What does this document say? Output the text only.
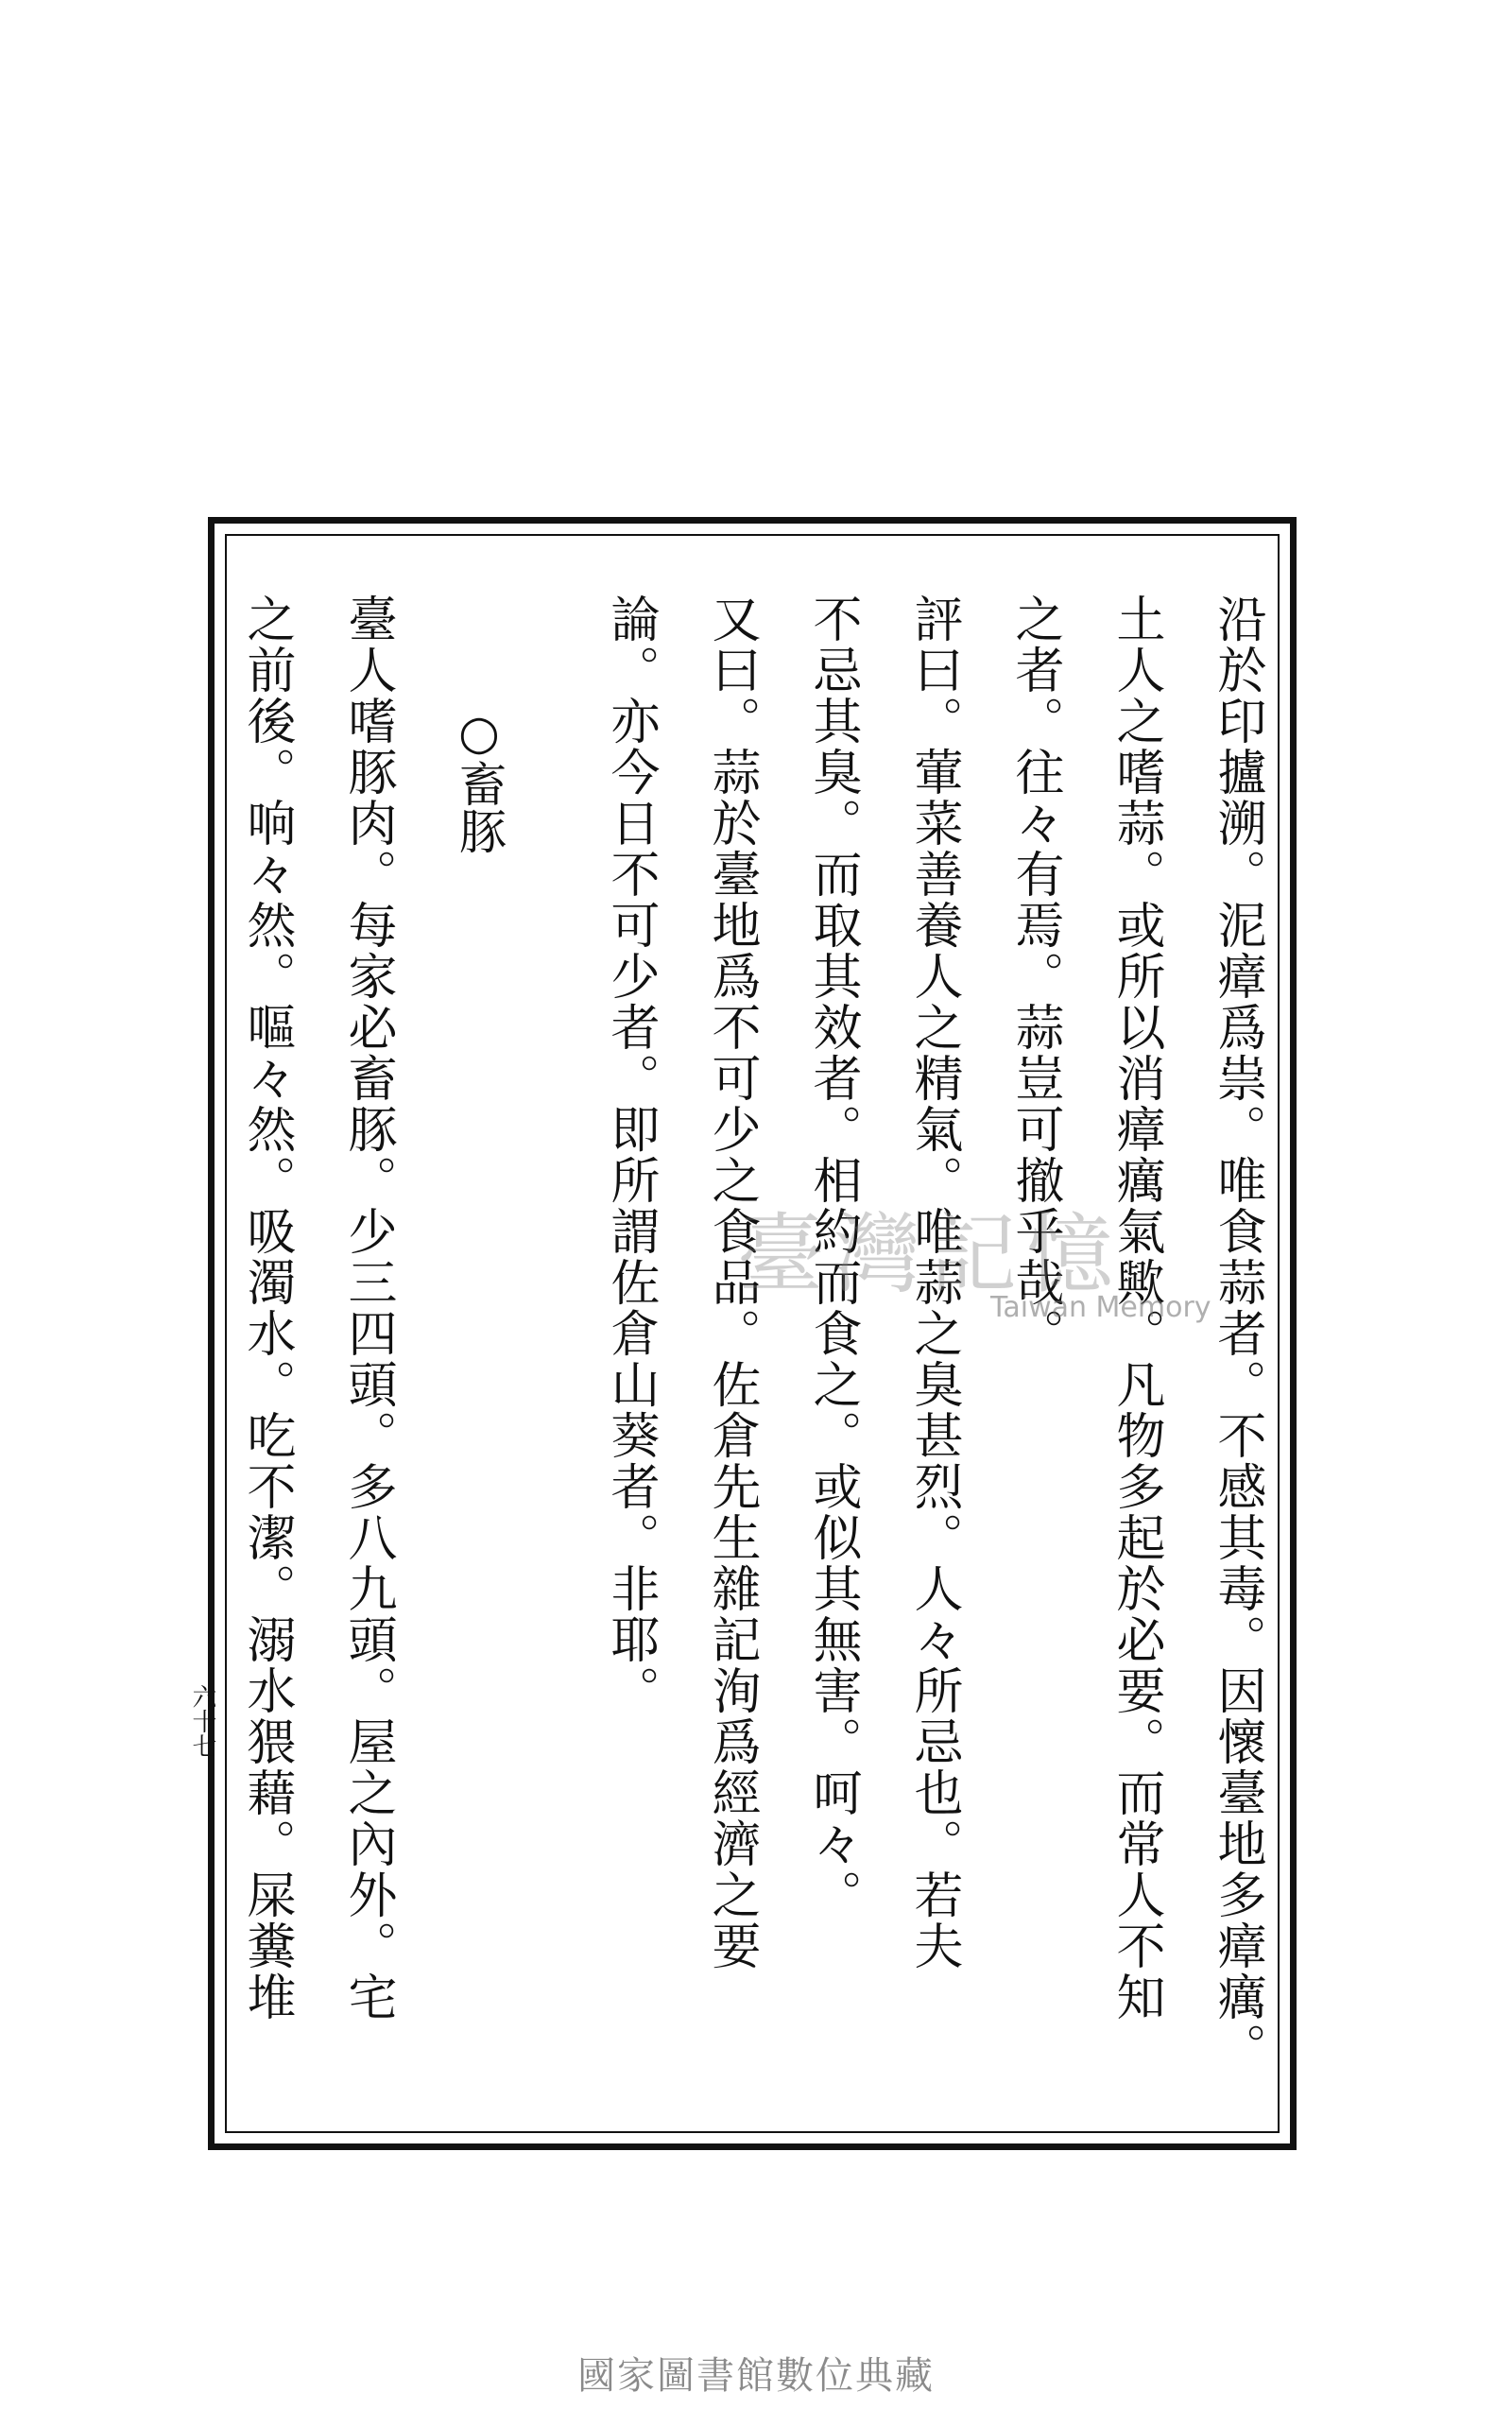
沿於印攎溯。泥瘴爲祟。唯食蒜者。不感其毒。因懷臺地多瘴癘。
土人之嗜蒜。或所以消瘴癘氣歟。凡物多起於必要。而常人不知
之者。往々有焉。蒜豈可撤乎哉。
評曰。葷菜善養人之精氣。唯蒜之臭甚烈。人々所忌也。若夫
不忌其臭。而取其效者。相約而食之。或似其無害。呵々。
又曰。蒜於臺地爲不可少之食品。佐倉先生雜記洵爲經濟之要
論。亦今日不可少者。即所謂佐倉山葵者。非耶。
○畜豚
臺人嗜豚肉。每家必畜豚。少三四頭。多八九頭。屋之內外。宅
之前後。响々然。嘔々然。吸濁水。吃不潔。溺水猥藉。屎糞堆
六十七
臺灣記憶
Taiwan Memory
國家圖書館數位典藏
